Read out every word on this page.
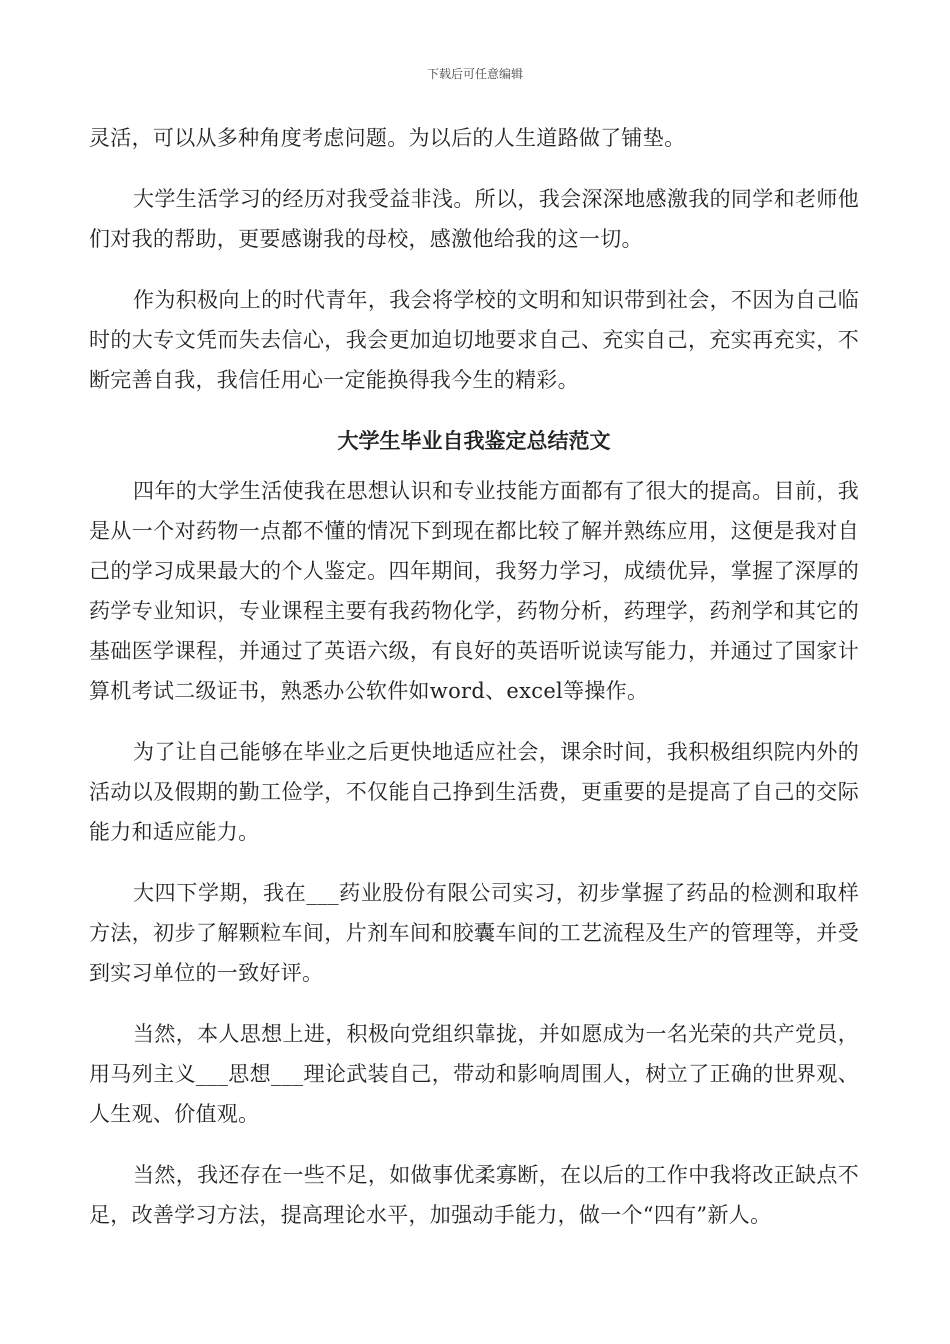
下载后可任意编辑

灵活，可以从多种角度考虑问题。为以后的人生道路做了铺垫。

大学生活学习的经历对我受益非浅。所以，我会深深地感激我的同学和老师他们对我的帮助，更要感谢我的母校，感激他给我的这一切。

作为积极向上的时代青年，我会将学校的文明和知识带到社会，不因为自己临时的大专文凭而失去信心，我会更加迫切地要求自己、充实自己，充实再充实，不断完善自我，我信任用心一定能换得我今生的精彩。

大学生毕业自我鉴定总结范文

四年的大学生活使我在思想认识和专业技能方面都有了很大的提高。目前，我是从一个对药物一点都不懂的情况下到现在都比较了解并熟练应用，这便是我对自己的学习成果最大的个人鉴定。四年期间，我努力学习，成绩优异，掌握了深厚的药学专业知识，专业课程主要有我药物化学，药物分析，药理学，药剂学和其它的基础医学课程，并通过了英语六级，有良好的英语听说读写能力，并通过了国家计算机考试二级证书，熟悉办公软件如word、excel等操作。

为了让自己能够在毕业之后更快地适应社会，课余时间，我积极组织院内外的活动以及假期的勤工俭学，不仅能自己挣到生活费，更重要的是提高了自己的交际能力和适应能力。

大四下学期，我在___药业股份有限公司实习，初步掌握了药品的检测和取样方法，初步了解颗粒车间，片剂车间和胶囊车间的工艺流程及生产的管理等，并受到实习单位的一致好评。

当然，本人思想上进，积极向党组织靠拢，并如愿成为一名光荣的共产党员，用马列主义___思想___理论武装自己，带动和影响周围人，树立了正确的世界观、人生观、价值观。

当然，我还存在一些不足，如做事优柔寡断，在以后的工作中我将改正缺点不足，改善学习方法，提高理论水平，加强动手能力，做一个“四有”新人。
